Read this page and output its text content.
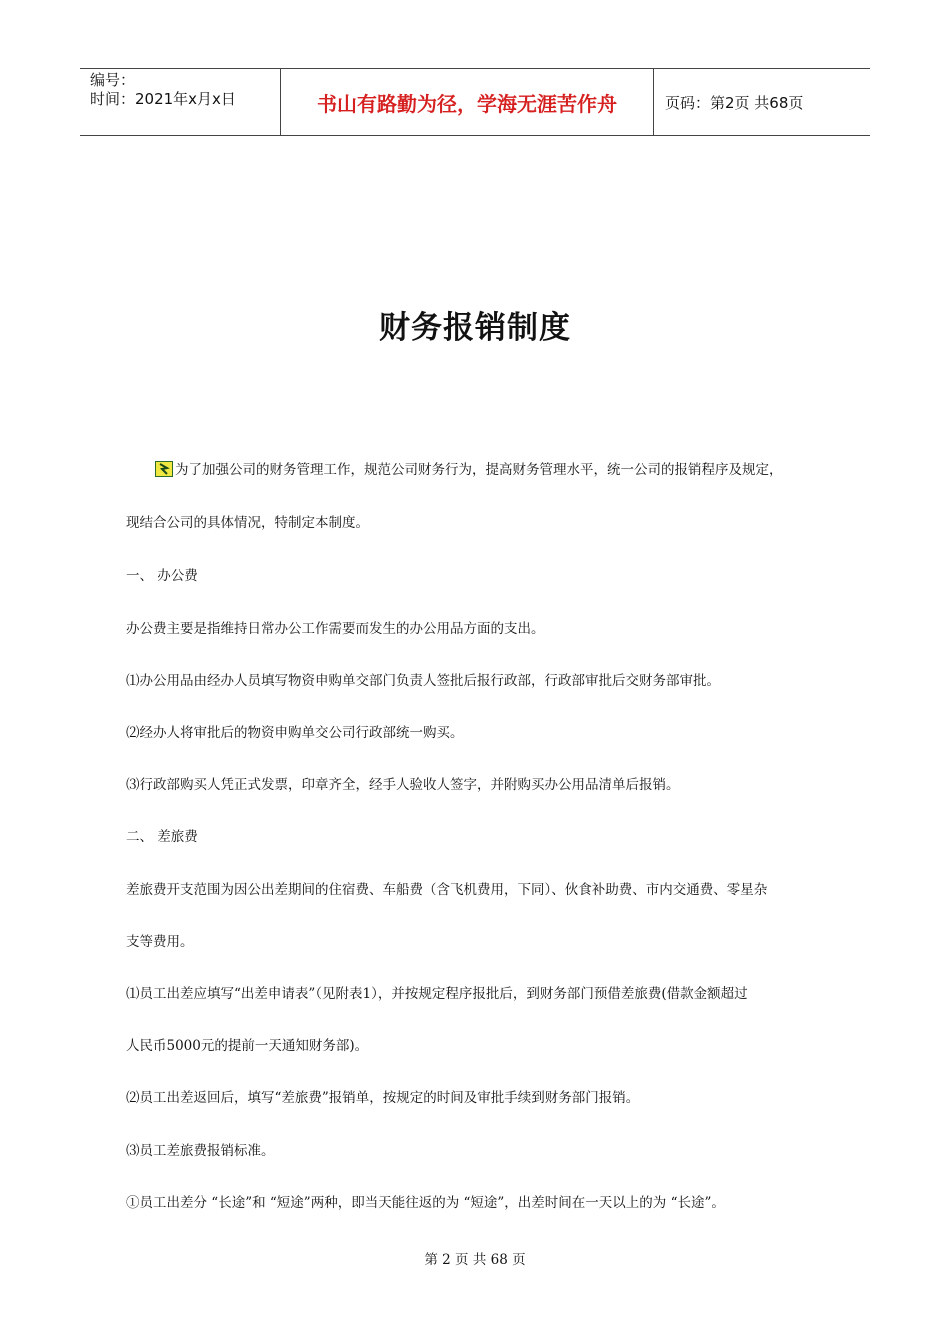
编号：
时间：2021年x月x日	书山有路勤为径，学海无涯苦作舟	页码：第2页 共68页
财务报销制度
为了加强公司的财务管理工作，规范公司财务行为，提高财务管理水平，统一公司的报销程序及规定，
现结合公司的具体情况，特制定本制度。
一、 办公费
办公费主要是指维持日常办公工作需要而发生的办公用品方面的支出。
⑴办公用品由经办人员填写物资申购单交部门负责人签批后报行政部，行政部审批后交财务部审批。
⑵经办人将审批后的物资申购单交公司行政部统一购买。
⑶行政部购买人凭正式发票，印章齐全，经手人验收人签字，并附购买办公用品清单后报销。
二、 差旅费
差旅费开支范围为因公出差期间的住宿费、车船费（含飞机费用，下同）、伙食补助费、市内交通费、零星杂
支等费用。
⑴员工出差应填写“出差申请表”（见附表1），并按规定程序报批后，到财务部门预借差旅费(借款金额超过
人民币5000元的提前一天通知财务部)。
⑵员工出差返回后，填写“差旅费”报销单，按规定的时间及审批手续到财务部门报销。
⑶员工差旅费报销标准。
①员工出差分 “长途”和 “短途”两种，即当天能往返的为 “短途”，出差时间在一天以上的为 “长途”。
第 2 页 共 68 页
